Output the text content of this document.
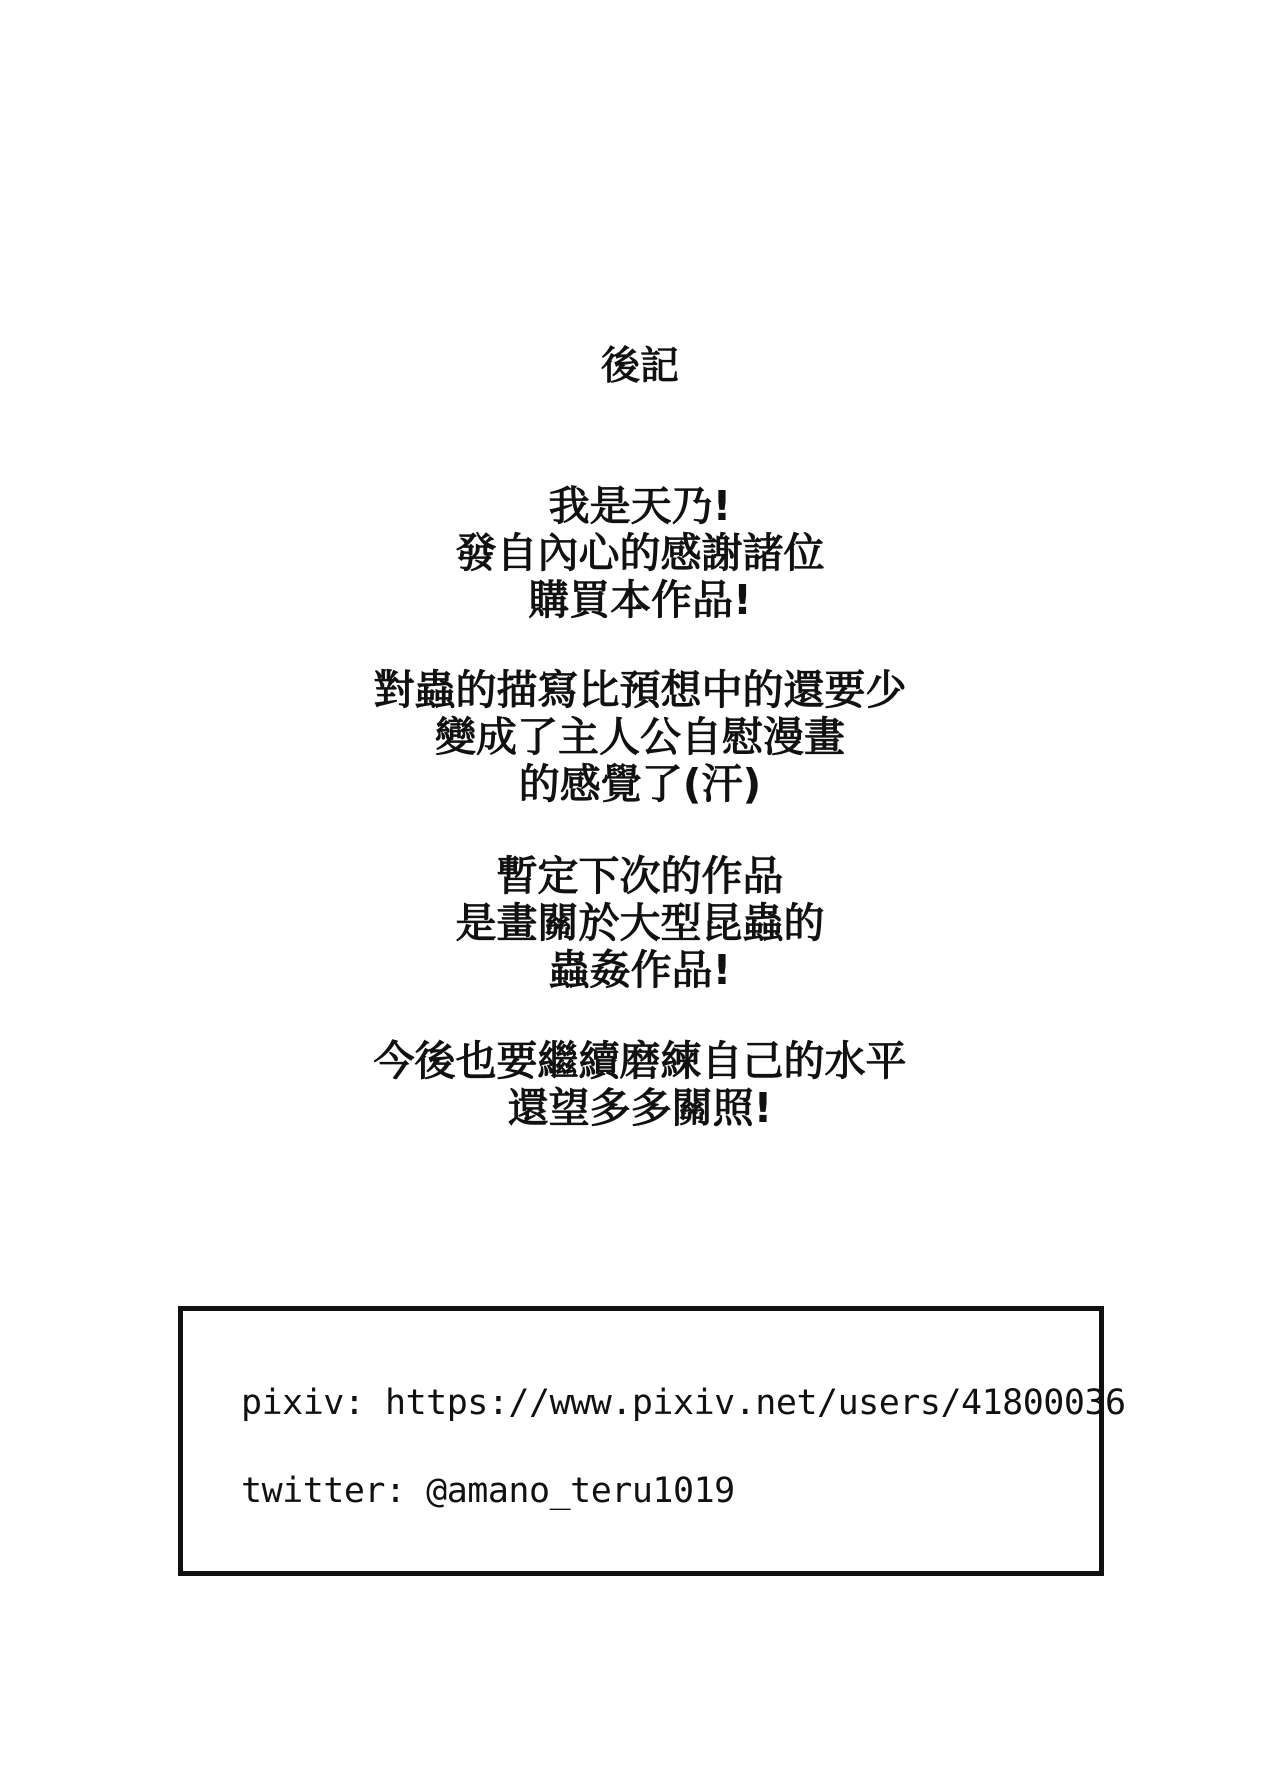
後記
我是天乃!
發自內心的感謝諸位
購買本作品!
對蟲的描寫比預想中的還要少
變成了主人公自慰漫畫
的感覺了(汗)
暫定下次的作品
是畫關於大型昆蟲的
蟲姦作品!
今後也要繼續磨練自己的水平
還望多多關照!
pixiv: https://www.pixiv.net/users/41800036
twitter: @amano_teru1019
